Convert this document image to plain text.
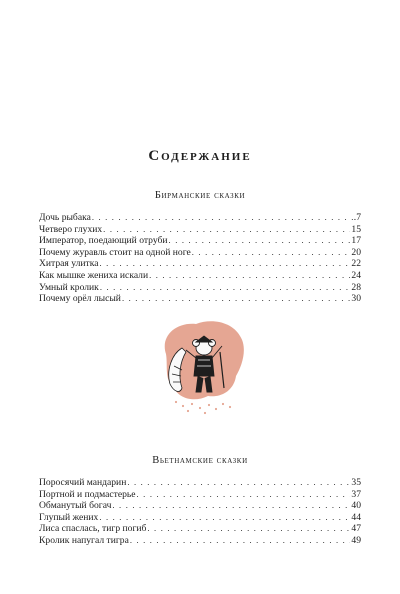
Содержание
Бирманские сказки
Дочь рыбака . . .	.7
Четверо глухих . . .	15
Император, поедающий отруби . . .	17
Почему журавль стоит на одной ноге . . .	20
Хитрая улитка . . .	22
Как мышке жениха искали . . .	24
Умный кролик . . .	28
Почему орёл лысый . . .	30
Вьетнамские сказки
Поросячий мандарин . . .	35
Портной и подмастерье . . .	37
Обманутый богач . . .	40
Глупый жених . . .	44
Лиса спаслась, тигр погиб . . .	47
Кролик напугал тигра . . .	49
